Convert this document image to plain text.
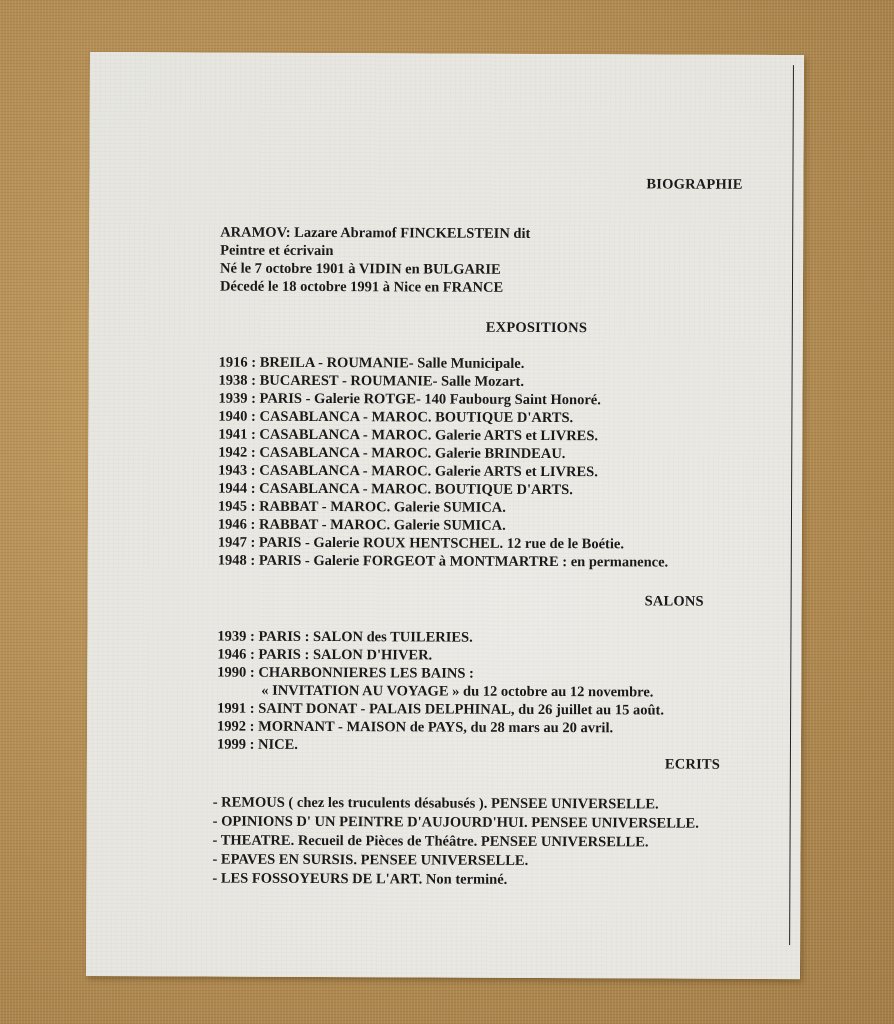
BIOGRAPHIE
ARAMOV: Lazare Abramof FINCKELSTEIN dit
Peintre et écrivain
Né le 7 octobre 1901 à VIDIN en BULGARIE
Décedé le 18 octobre 1991 à Nice en FRANCE
EXPOSITIONS
1916 : BREILA - ROUMANIE- Salle Municipale.
1938 : BUCAREST - ROUMANIE- Salle Mozart.
1939 : PARIS - Galerie ROTGE- 140 Faubourg Saint Honoré.
1940 : CASABLANCA - MAROC. BOUTIQUE D'ARTS.
1941 : CASABLANCA - MAROC. Galerie ARTS et LIVRES.
1942 : CASABLANCA - MAROC. Galerie BRINDEAU.
1943 : CASABLANCA - MAROC. Galerie ARTS et LIVRES.
1944 : CASABLANCA - MAROC. BOUTIQUE D'ARTS.
1945 : RABBAT - MAROC. Galerie SUMICA.
1946 : RABBAT - MAROC. Galerie SUMICA.
1947 : PARIS - Galerie ROUX HENTSCHEL. 12 rue de le Boétie.
1948 : PARIS - Galerie FORGEOT à MONTMARTRE : en permanence.
SALONS
1939 : PARIS : SALON des TUILERIES.
1946 : PARIS : SALON D'HIVER.
1990 : CHARBONNIERES LES BAINS :
« INVITATION AU VOYAGE » du 12 octobre au 12 novembre.
1991 : SAINT DONAT - PALAIS DELPHINAL, du 26 juillet au 15 août.
1992 : MORNANT - MAISON de PAYS, du 28 mars au 20 avril.
1999 : NICE.
ECRITS
- REMOUS ( chez les truculents désabusés ). PENSEE UNIVERSELLE.
- OPINIONS D' UN PEINTRE D'AUJOURD'HUI. PENSEE UNIVERSELLE.
- THEATRE. Recueil de Pièces de Théâtre. PENSEE UNIVERSELLE.
- EPAVES EN SURSIS. PENSEE UNIVERSELLE.
- LES FOSSOYEURS DE L'ART. Non terminé.
